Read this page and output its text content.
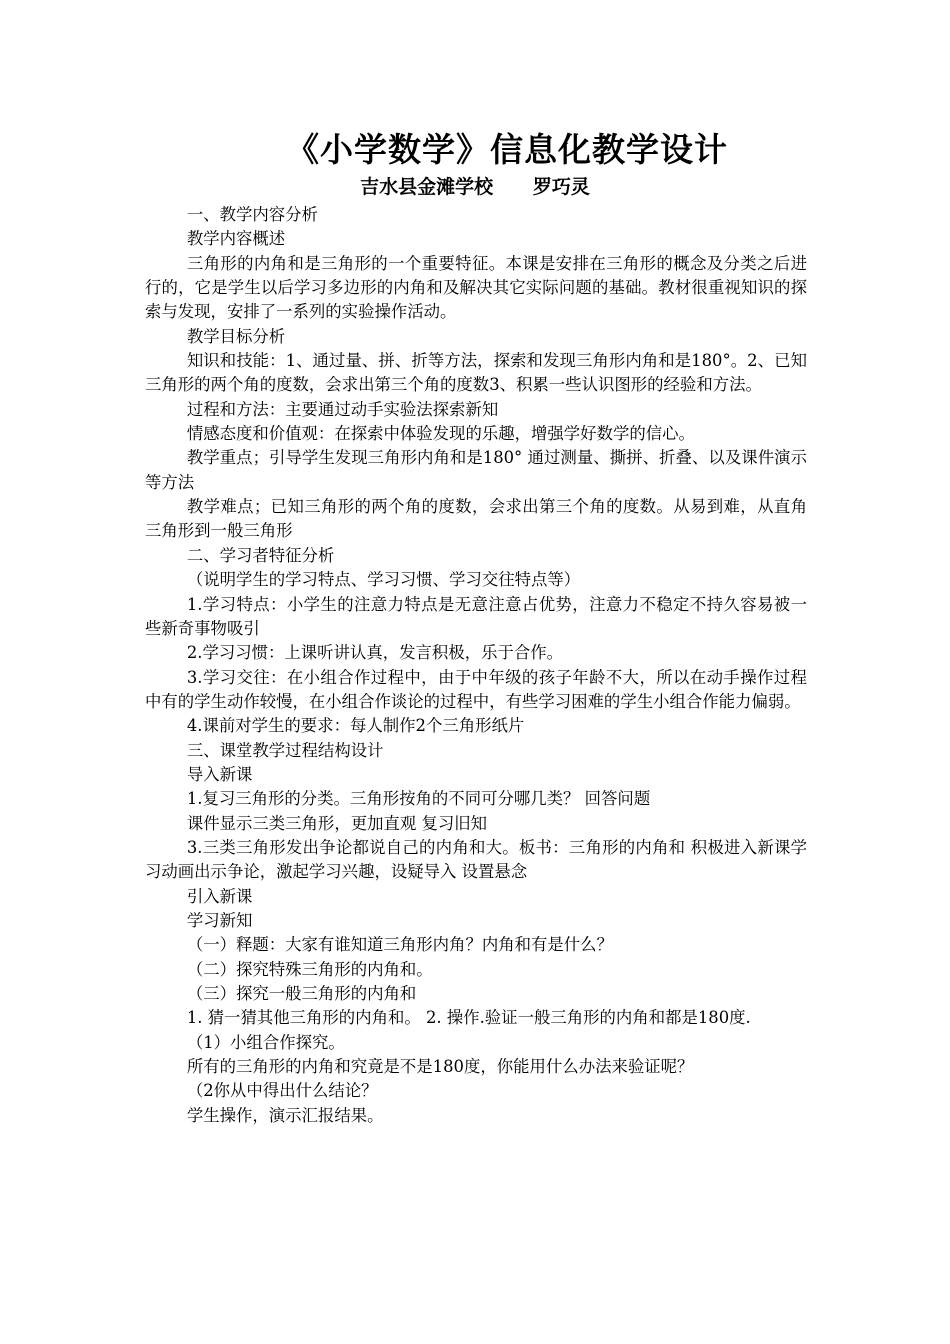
《小学数学》信息化教学设计
吉水县金滩学校      罗巧灵

一、教学内容分析

教学内容概述

三角形的内角和是三角形的一个重要特征。本课是安排在三角形的概念及分类之后进行的，它是学生以后学习多边形的内角和及解决其它实际问题的基础。教材很重视知识的探索与发现，安排了一系列的实验操作活动。

教学目标分析

知识和技能：1、通过量、拼、折等方法，探索和发现三角形内角和是180°。2、已知三角形的两个角的度数，会求出第三个角的度数3、积累一些认识图形的经验和方法。

过程和方法：主要通过动手实验法探索新知

情感态度和价值观：在探索中体验发现的乐趣，增强学好数学的信心。

教学重点；引导学生发现三角形内角和是180° 通过测量、撕拼、折叠、以及课件演示等方法

教学难点；已知三角形的两个角的度数，会求出第三个角的度数。从易到难，从直角三角形到一般三角形

二、学习者特征分析

（说明学生的学习特点、学习习惯、学习交往特点等）

1.学习特点：小学生的注意力特点是无意注意占优势，注意力不稳定不持久容易被一些新奇事物吸引

2.学习习惯：上课听讲认真，发言积极，乐于合作。

3.学习交往：在小组合作过程中，由于中年级的孩子年龄不大，所以在动手操作过程中有的学生动作较慢，在小组合作谈论的过程中，有些学习困难的学生小组合作能力偏弱。

4.课前对学生的要求：每人制作2个三角形纸片

三、课堂教学过程结构设计

导入新课

1.复习三角形的分类。三角形按角的不同可分哪几类？ 回答问题

课件显示三类三角形，更加直观 复习旧知

3.三类三角形发出争论都说自己的内角和大。板书：三角形的内角和 积极进入新课学习动画出示争论，激起学习兴趣，设疑导入 设置悬念

引入新课

学习新知

（一）释题：大家有谁知道三角形内角？内角和有是什么？

（二）探究特殊三角形的内角和。

（三）探究一般三角形的内角和

1. 猜一猜其他三角形的内角和。 2. 操作.验证一般三角形的内角和都是180度.

（1）小组合作探究。

所有的三角形的内角和究竟是不是180度，你能用什么办法来验证呢？

（2你从中得出什么结论？

学生操作，演示汇报结果。
